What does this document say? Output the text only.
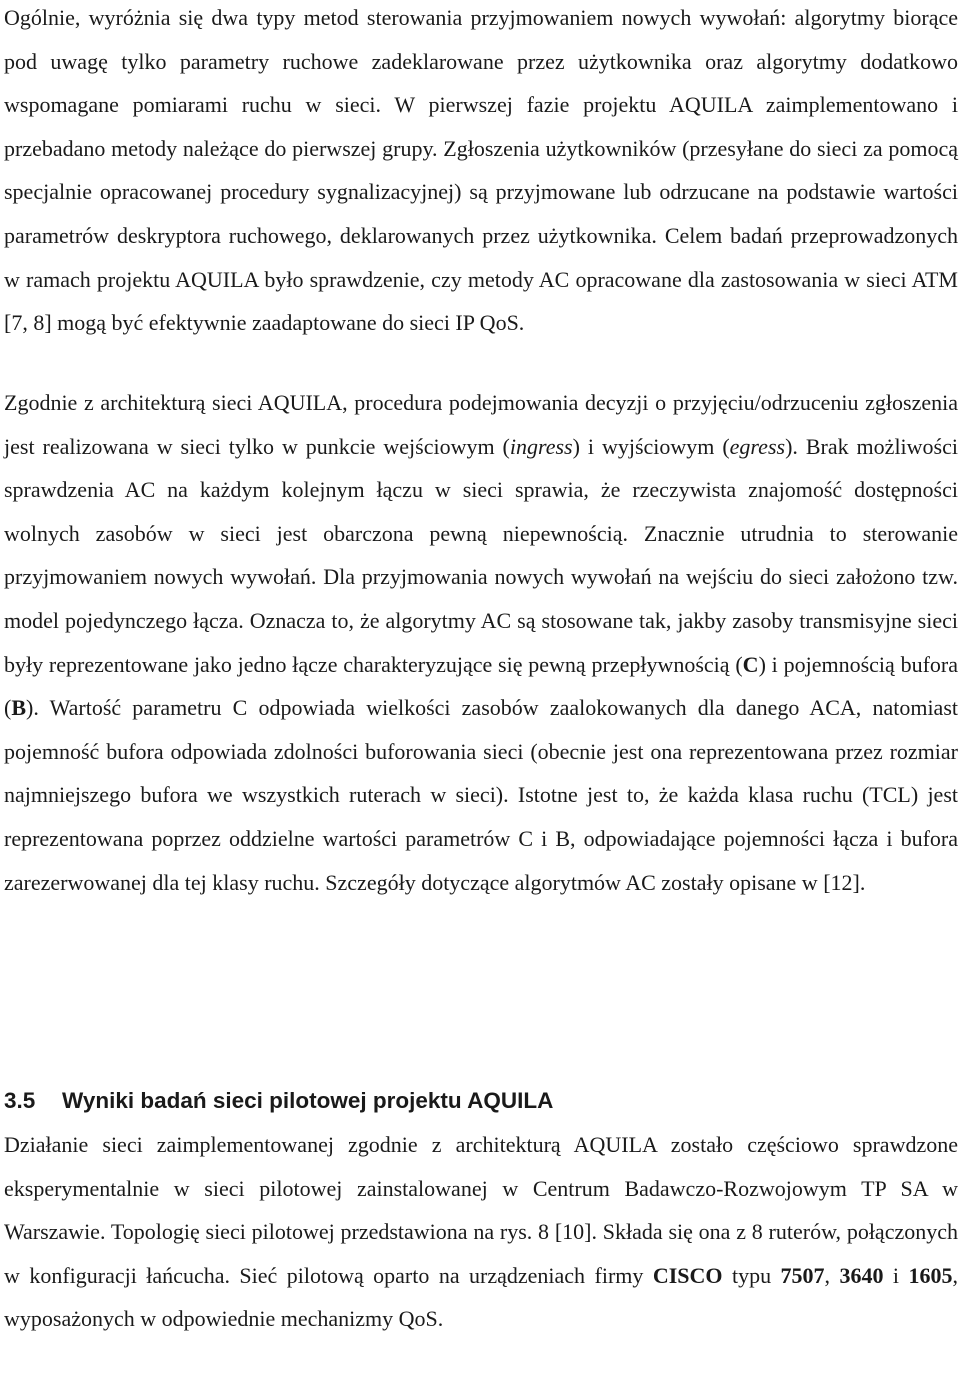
Ogólnie, wyróżnia się dwa typy metod sterowania przyjmowaniem nowych wywołań: algorytmy biorące pod uwagę tylko parametry ruchowe zadeklarowane przez użytkownika oraz algorytmy dodatkowo wspomagane pomiarami ruchu w sieci. W pierwszej fazie projektu AQUILA zaimplementowano i przebadano metody należące do pierwszej grupy. Zgłoszenia użytkowników (przesyłane do sieci za pomocą specjalnie opracowanej procedury sygnalizacyjnej) są przyjmowane lub odrzucane na podstawie wartości parametrów deskryptora ruchowego, deklarowanych przez użytkownika. Celem badań przeprowadzonych w ramach projektu AQUILA było sprawdzenie, czy metody AC opracowane dla zastosowania w sieci ATM [7, 8] mogą być efektywnie zaadaptowane do sieci IP QoS.

Zgodnie z architekturą sieci AQUILA, procedura podejmowania decyzji o przyjęciu/odrzuceniu zgłoszenia jest realizowana w sieci tylko w punkcie wejściowym (ingress) i wyjściowym (egress). Brak możliwości sprawdzenia AC na każdym kolejnym łączu w sieci sprawia, że rzeczywista znajomość dostępności wolnych zasobów w sieci jest obarczona pewną niepewnością. Znacznie utrudnia to sterowanie przyjmowaniem nowych wywołań. Dla przyjmowania nowych wywołań na wejściu do sieci założono tzw. model pojedynczego łącza. Oznacza to, że algorytmy AC są stosowane tak, jakby zasoby transmisyjne sieci były reprezentowane jako jedno łącze charakteryzujące się pewną przepływnością (C) i pojemnością bufora (B). Wartość parametru C odpowiada wielkości zasobów zaalokowanych dla danego ACA, natomiast pojemność bufora odpowiada zdolności buforowania sieci (obecnie jest ona reprezentowana przez rozmiar najmniejszego bufora we wszystkich ruterach w sieci). Istotne jest to, że każda klasa ruchu (TCL) jest reprezentowana poprzez oddzielne wartości parametrów C i B, odpowiadające pojemności łącza i bufora zarezerwowanej dla tej klasy ruchu. Szczegóły dotyczące algorytmów AC zostały opisane w [12].

3.5 Wyniki badań sieci pilotowej projektu AQUILA

Działanie sieci zaimplementowanej zgodnie z architekturą AQUILA zostało częściowo sprawdzone eksperymentalnie w sieci pilotowej zainstalowanej w Centrum Badawczo-Rozwojowym TP SA w Warszawie. Topologię sieci pilotowej przedstawiona na rys. 8 [10]. Składa się ona z 8 ruterów, połączonych w konfiguracji łańcucha. Sieć pilotową oparto na urządzeniach firmy CISCO typu 7507, 3640 i 1605, wyposażonych w odpowiednie mechanizmy QoS.
